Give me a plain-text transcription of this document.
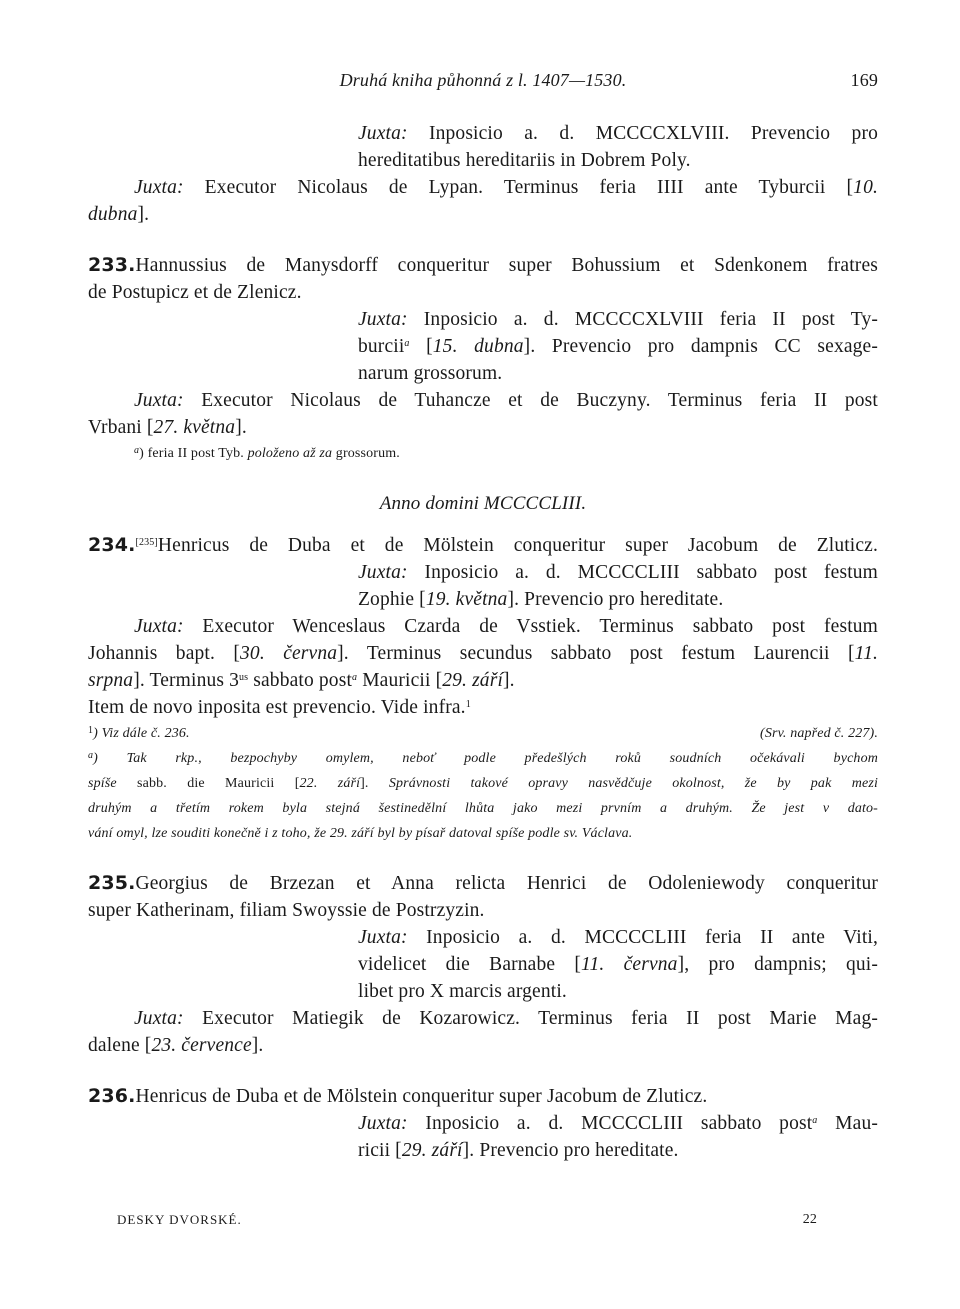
Druhá kniha půhonná z l. 1407—1530.	169
Juxta: Inposicio a. d. MCCCCXLVIII. Prevencio pro
hereditatibus hereditariis in Dobrem Poly.
Juxta: Executor Nicolaus de Lypan. Terminus feria IIII ante Tyburcii [10.
dubna].
233.Hannussius de Manysdorff conqueritur super Bohussium et Sdenkonem fratres
de Postupicz et de Zlenicz.
Juxta: Inposicio a. d. MCCCCXLVIII feria II post Ty-
burcii$^a$ [15. dubna]. Prevencio pro dampnis CC sexage-
narum grossorum.
Juxta: Executor Nicolaus de Tuhancze et de Buczyny. Terminus feria II post
Vrbani [27. května].
$^a$) feria II post Tyb. položeno až za grossorum.
Anno domini MCCCCLIII.
234.[235]Henricus de Duba et de Mölstein conqueritur super Jacobum de Zluticz.
Juxta: Inposicio a. d. MCCCCLIII sabbato post festum
Zophie [19. května]. Prevencio pro hereditate.
Juxta: Executor Wenceslaus Czarda de Vsstiek. Terminus sabbato post festum
Johannis bapt. [30. června]. Terminus secundus sabbato post festum Laurencii [11.
srpna]. Terminus $3^{us}$ sabbato post$^a$ Mauricii [29. září].
Item de novo inposita est prevencio. Vide infra.$^1$
$^1$) Viz dále č. 236.	(Srv. napřed č. 227).
$^a$) Tak rkp., bezpochyby omylem, neboť podle předešlých roků soudních očekávali bychom
spíše sabb. die Mauricii [22. září]. Správnosti takové opravy nasvědčuje okolnost, že by pak mezi
druhým a třetím rokem byla stejná šestinedělní lhůta jako mezi prvním a druhým. Že jest v dato-
vání omyl, lze souditi konečně i z toho, že 29. září byl by písař datoval spíše podle sv. Václava.
235.Georgius de Brzezan et Anna relicta Henrici de Odoleniewody conqueritur
super Katherinam, filiam Swoyssie de Postrzyzin.
Juxta: Inposicio a. d. MCCCCLIII feria II ante Viti,
videlicet die Barnabe [11. června], pro dampnis; qui-
libet pro X marcis argenti.
Juxta: Executor Matiegik de Kozarowicz. Terminus feria II post Marie Mag-
dalene [23. července].
236.Henricus de Duba et de Mölstein conqueritur super Jacobum de Zluticz.
Juxta: Inposicio a. d. MCCCCLIII sabbato post$^a$ Mau-
ricii [29. září]. Prevencio pro hereditate.
DESKY DVORSKÉ.	22
